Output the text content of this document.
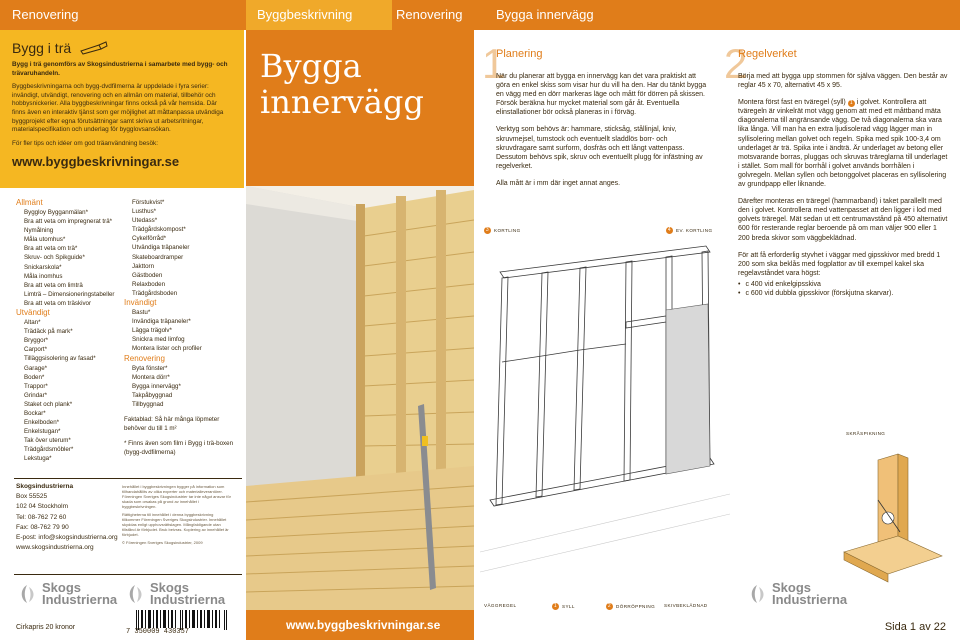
Renovering	Byggbeskrivning	Renovering	Bygga innervägg
Bygg i trä

Bygg i trä genomförs av Skogsindustrierna i samarbete med bygg- och trävaruhandeln.

Byggbeskrivningarna och bygg-dvdfilmerna är uppdelade i fyra serier: invändigt, utvändigt, renovering och en allmän om material, tillbehör och hobbysnickerier. Alla byggbeskrivningar finns också på vår hemsida. Där finns även en interaktiv tjänst som ger möjlighet att måttanpassa utvändiga byggprojekt efter egna förutsättningar samt skriva ut arbetsritningar, materialspecifikation och underlag för bygglovsansökan.

För fler tips och idéer om god träanvändning besök:

www.byggbeskrivningar.se
Allmänt
Byggloy Bygganmälan*
Bra att veta om impregnerat trä*
Nymålning
Måla utomhus*
Bra att veta om trä*
Skruv- och Spikguide*
Snickarskola*
Måla inomhus
Bra att veta om limträ
Limträ – Dimensioneringstabeller
Bra att veta om träskivor
Utvändigt
Altan*
Trädäck på mark*
Bryggor*
Carport*
Tilläggsisolering av fasad*
Garage*
Boden*
Trappor*
Grindar*
Staket och plank*
Bockar*
Enkelboden*
Enkelstugan*
Tak över uterum*
Trädgårdsmöbler*
Lekstuga*
Förstukvist*
Lusthus*
Utedass*
Trädgårdskompost*
Cykelförråd*
Utvändiga träpaneler
Skateboardramper
Jakttorn
Gästboden
Relaxboden
Trädgårdsboden
Invändigt
Bastu*
Invändiga träpaneler*
Lägga trägolv*
Snickra med limfog
Montera lister och profiler
Renovering
Byta fönster*
Montera dörr*
Bygga innervägg*
Takpåbyggnad
Tillbyggnad
Faktablad: Så här många löpmeter behöver du till 1 m²
* Finns även som film i Bygg i trä-boxen (bygg-dvdfilmerna)
Skogsindustrierna
Box 55525
102 04 Stockholm
Tel: 08-762 72 60
Fax: 08-762 79 90
E-post: info@skogsindustrierna.org
www.skogsindustrierna.org

Innehållet i byggbeskrivningen bygger på information som tillhandahållits av olika experter och materialleverantörer. Föreningen Sveriges Skogsindustrier tar inte något ansvar för skada som orsakas på grund av innehållet i byggbeskrivningen.

Rättigheterna till innehållet i denna byggbeskrivning tillkommer Föreningen Sveriges Skogsindustrier. Innehållet skyddas enligt upphovsrättslagen. Mångfaldigande utan tillstånd är förbjudet. Bruk beivras. Kopiering av innehållet är förbjudet.

© Föreningen Sveriges Skogsindustrier, 2009

Skogs
Industrierna
Skogs
Industrierna
Skogs
Industrierna
Cirkapris 20 kronor
7 350009 430357
Bygga
innervägg
www.byggbeskrivningar.se
1
Planering

När du planerar att bygga en innervägg kan det vara praktiskt att göra en enkel skiss som visar hur du vill ha den. Har du tänkt bygga en vägg med en dörr markeras läge och mått för dörren på skissen. Försök beräkna hur mycket material som går åt. Eventuella elinstallationer bör också planeras in i förväg.

Verktyg som behövs är: hammare, sticksåg, stållinjal, kniv, skruvmejsel, tumstock och eventuellt sladdlös borr- och skruvdragare samt surform, dosfräs och ett långt vattenpass. Dessutom behövs spik, skruv och eventuellt plugg för infästning av regelverket.

Alla mått är i mm där inget annat anges.

3	KORTLING	4	EV. KORTLING
VÄGGREGEL	1	SYLL	2	DÖRRÖPPNING SKIVBEKLÄDNAD
2
Regelverket

Börja med att bygga upp stommen för själva väggen. Den består av reglar 45 x 70, alternativt 45 x 95.

Montera först fast en tväregel (syll) 1 i golvet. Kontrollera att tväregeln är vinkelrät mot vägg genom att med ett måttband mäta diagonalerna till angränsande vägg. De två diagonalerna ska vara lika långa. Vill man ha en extra ljudisolerad vägg lägger man in syllisolering mellan golvet och regeln. Spika med spik 100-3,4 om underlaget är trä. Spika inte i ändträ. Är underlaget av betong eller motsvarande borras, pluggas och skruvas träreglarna till underlaget i stället. Som mall för borrhål i golvet används borrhålen i golvregeln. Mellan syllen och betonggolvet placeras en syllisolering av grundpapp eller liknande.

Därefter monteras en träregel (hammarband) i taket parallellt med den i golvet. Kontrollera med vattenpasset att den ligger i lod med golvets träregel. Mät sedan ut ett centrumavstånd på 450 alternativt 600 för resterande reglar beroende på om man väljer 900 eller 1 200 breda skivor som väggbeklädnad.

För att få erforderlig styvhet i väggar med gipsskivor med bredd 1 200 som ska beklås med fogplattor av till exempel kakel ska regelavståndet vara högst:

• c 400 vid enkelgipsskiva
• c 600 vid dubbla gipsskivor (förskjutna skarvar).
SKRÅSPIKNING
Sida 1 av 22
